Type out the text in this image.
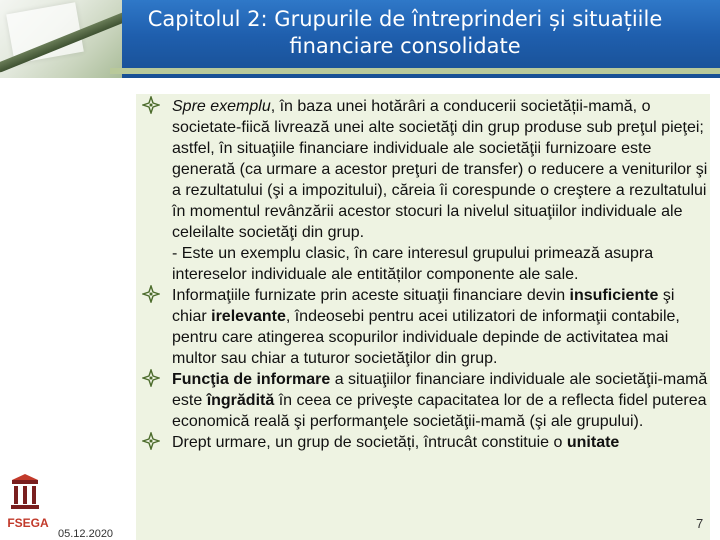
Capitolul 2: Grupurile de întreprinderi și situațiile
financiare consolidate
Spre exemplu, în baza unei hotărâri a conducerii societății-mamă, o societate-fiică livrează unei alte societăţi din grup produse sub preţul pieţei; astfel, în situaţiile financiare individuale ale societăţii furnizoare este generată (ca urmare a acestor preţuri de transfer) o reducere a veniturilor şi a rezultatului (şi a impozitului), căreia îi corespunde o creştere a rezultatului în momentul revânzării acestor stocuri la nivelul situaţiilor individuale ale celeilalte societăţi din grup.
- Este un exemplu clasic, în care interesul grupului primează asupra intereselor individuale ale entităților componente ale sale.
Informaţiile furnizate prin aceste situaţii financiare devin insuficiente şi chiar irelevante, îndeosebi pentru acei utilizatori de informaţii contabile, pentru care atingerea scopurilor individuale depinde de activitatea mai multor sau chiar a tuturor societăţilor din grup.
Funcţia de informare a situaţiilor financiare individuale ale societăţii-mamă este îngrădită în ceea ce priveşte capacitatea lor de a reflecta fidel puterea economică reală şi performanţele societăţii-mamă (şi ale grupului).
Drept urmare, un grup de societăți, întrucât constituie o unitate
FSEGA
05.12.2020
7
